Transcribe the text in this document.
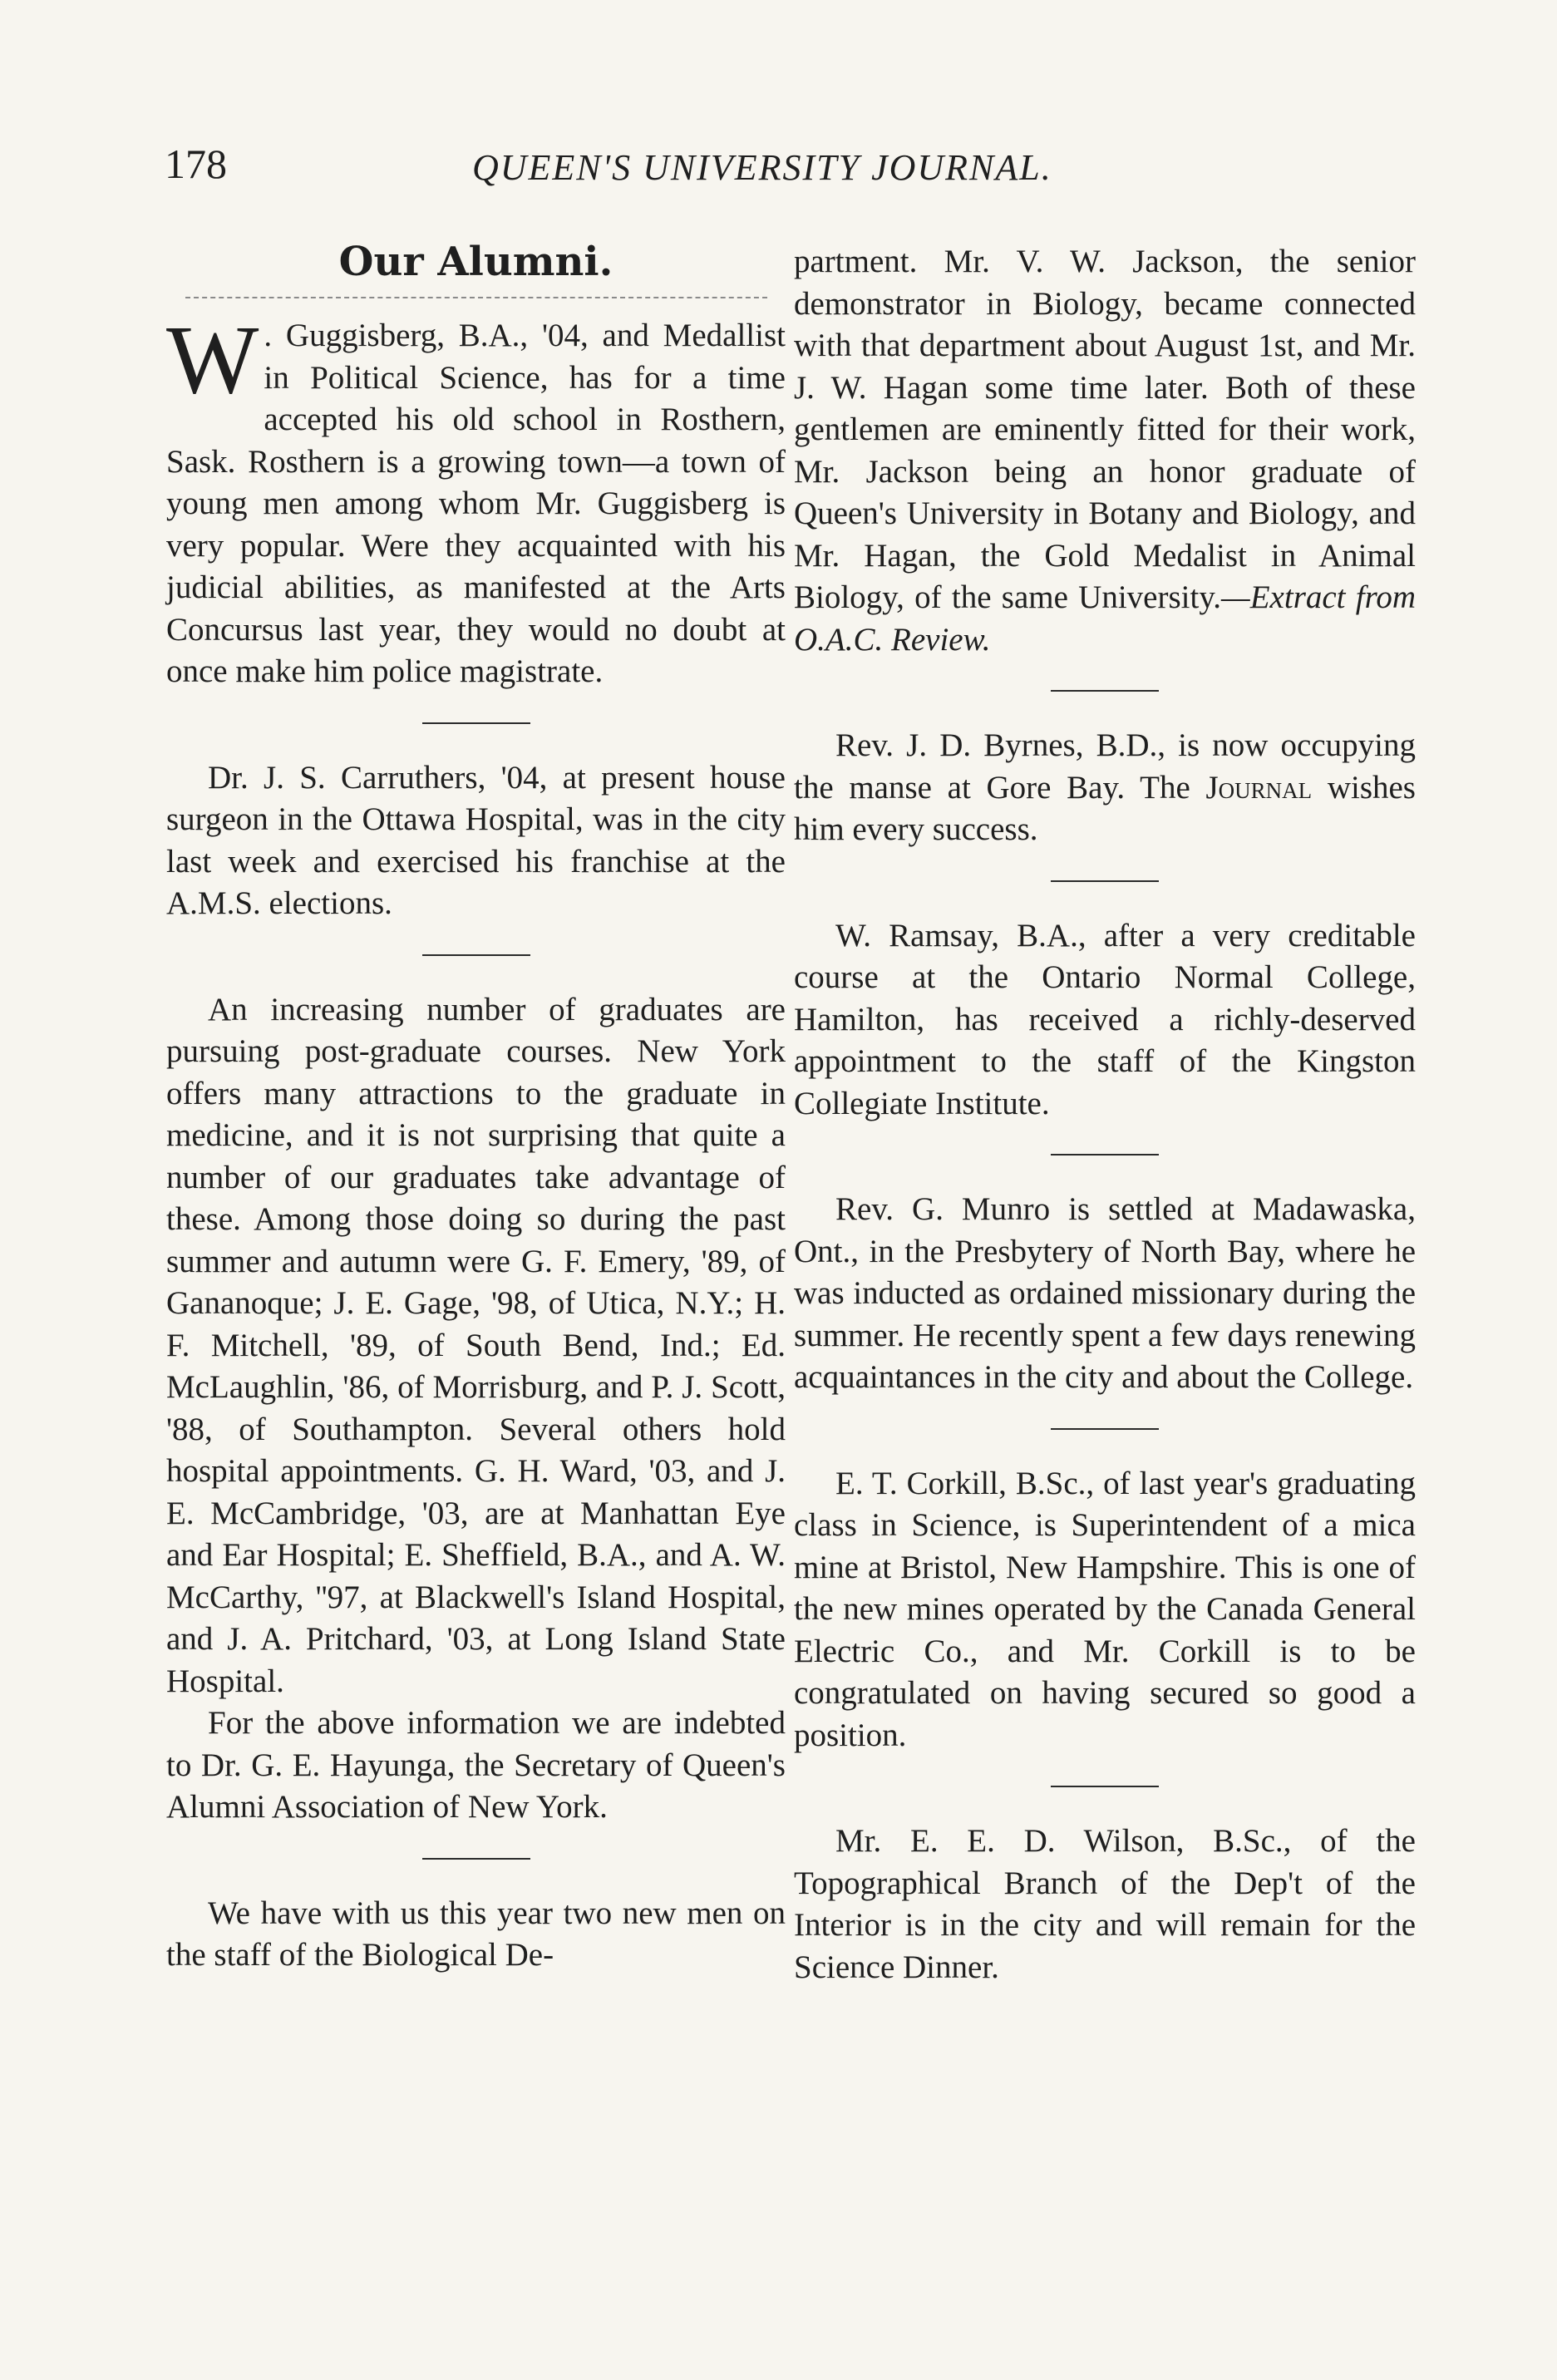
178	QUEEN'S UNIVERSITY JOURNAL.
Our Alumni.

W . Guggisberg, B.A., '04, and Medallist in Political Science, has for a time accepted his old school in Rosthern, Sask. Rosthern is a growing town—a town of young men among whom Mr. Guggisberg is very popular. Were they acquainted with his judicial abilities, as manifested at the Arts Concursus last year, they would no doubt at once make him police magistrate.

Dr. J. S. Carruthers, '04, at present house surgeon in the Ottawa Hospital, was in the city last week and exercised his franchise at the A.M.S. elections.

An increasing number of graduates are pursuing post-graduate courses. New York offers many attractions to the graduate in medicine, and it is not surprising that quite a number of our graduates take advantage of these. Among those doing so during the past summer and autumn were G. F. Emery, '89, of Gananoque; J. E. Gage, '98, of Utica, N.Y.; H. F. Mitchell, '89, of South Bend, Ind.; Ed. McLaughlin, '86, of Morrisburg, and P. J. Scott, '88, of Southampton. Several others hold hospital appointments. G. H. Ward, '03, and J. E. McCambridge, '03, are at Manhattan Eye and Ear Hospital; E. Sheffield, B.A., and A. W. McCarthy, ''97, at Blackwell's Island Hospital, and J. A. Pritchard, '03, at Long Island State Hospital.

For the above information we are indebted to Dr. G. E. Hayunga, the Secretary of Queen's Alumni Association of New York.

We have with us this year two new men on the staff of the Biological De-

partment. Mr. V. W. Jackson, the senior demonstrator in Biology, became connected with that department about August 1st, and Mr. J. W. Hagan some time later. Both of these gentlemen are eminently fitted for their work, Mr. Jackson being an honor graduate of Queen's University in Botany and Biology, and Mr. Hagan, the Gold Medalist in Animal Biology, of the same University.—Extract from O.A.C. Review.

Rev. J. D. Byrnes, B.D., is now occupying the manse at Gore Bay. The Journal wishes him every success.

W. Ramsay, B.A., after a very creditable course at the Ontario Normal College, Hamilton, has received a richly-deserved appointment to the staff of the Kingston Collegiate Institute.

Rev. G. Munro is settled at Madawaska, Ont., in the Presbytery of North Bay, where he was inducted as ordained missionary during the summer. He recently spent a few days renewing acquaintances in the city and about the College.

E. T. Corkill, B.Sc., of last year's graduating class in Science, is Superintendent of a mica mine at Bristol, New Hampshire. This is one of the new mines operated by the Canada General Electric Co., and Mr. Corkill is to be congratulated on having secured so good a position.

Mr. E. E. D. Wilson, B.Sc., of the Topographical Branch of the Dep't of the Interior is in the city and will remain for the Science Dinner.
